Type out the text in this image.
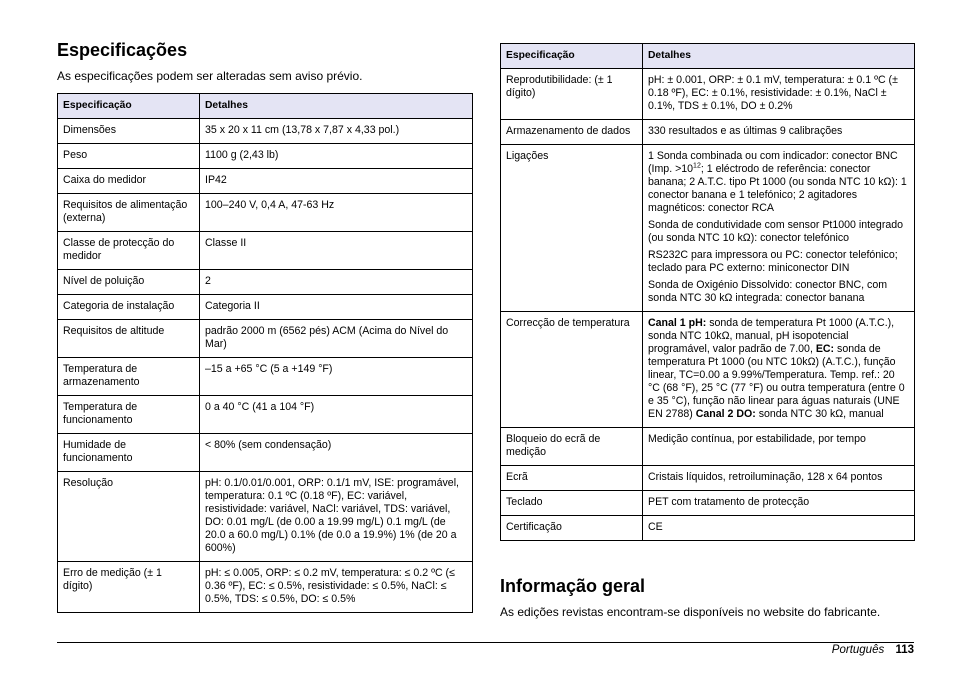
Especificações

As especificações podem ser alteradas sem aviso prévio.

Especificação	Detalhes
Dimensões	35 x 20 x 11 cm (13,78 x 7,87 x 4,33 pol.)
Peso	1100 g (2,43 lb)
Caixa do medidor	IP42
Requisitos de alimentação (externa)	100–240 V, 0,4 A, 47-63 Hz
Classe de protecção do medidor	Classe II
Nível de poluição	2
Categoria de instalação	Categoria II
Requisitos de altitude	padrão 2000 m (6562 pés) ACM (Acima do Nível do Mar)
Temperatura de armazenamento	–15 a +65 °C (5 a +149 °F)
Temperatura de funcionamento	0 a 40 °C (41 a 104 °F)
Humidade de funcionamento	< 80% (sem condensação)
Resolução	pH: 0.1/0.01/0.001, ORP: 0.1/1 mV, ISE: programável, temperatura: 0.1 ºC (0.18 ºF), EC: variável, resistividade: variável, NaCl: variável, TDS: variável, DO: 0.01 mg/L (de 0.00 a 19.99 mg/L) 0.1 mg/L (de 20.0 a 60.0 mg/L) 0.1% (de 0.0 a 19.9%) 1% (de 20 a 600%)
Erro de medição (± 1 dígito)	pH: ≤ 0.005, ORP: ≤ 0.2 mV, temperatura: ≤ 0.2 ºC (≤ 0.36 ºF), EC: ≤ 0.5%, resistividade: ≤ 0.5%, NaCl: ≤ 0.5%, TDS: ≤ 0.5%, DO: ≤ 0.5%
Especificação	Detalhes
Reprodutibilidade: (± 1 dígito)	pH: ± 0.001, ORP: ± 0.1 mV, temperatura: ± 0.1 ºC (± 0.18 ºF), EC: ± 0.1%, resistividade: ± 0.1%, NaCl ± 0.1%, TDS ± 0.1%, DO ± 0.2%
Armazenamento de dados	330 resultados e as últimas 9 calibrações
Ligações	1 Sonda combinada ou com indicador: conector BNC (Imp. $>10^{12}$; 1 eléctrodo de referência: conector banana; 2 A.T.C. tipo Pt 1000 (ou sonda NTC 10 kΩ): 1 conector banana e 1 telefónico; 2 agitadores magnéticos: conector RCA
Sonda de condutividade com sensor Pt1000 integrado (ou sonda NTC 10 kΩ): conector telefónico
RS232C para impressora ou PC: conector telefónico; teclado para PC externo: miniconector DIN
Sonda de Oxigénio Dissolvido: conector BNC, com sonda NTC 30 kΩ integrada: conector banana

Correcção de temperatura	Canal 1 pH: sonda de temperatura Pt 1000 (A.T.C.), sonda NTC 10kΩ, manual, pH isopotencial programável, valor padrão de 7.00, EC: sonda de temperatura Pt 1000 (ou NTC 10kΩ) (A.T.C.), função linear, TC=0.00 a 9.99%/Temperatura. Temp. ref.: 20 °C (68 °F), 25 °C (77 °F) ou outra temperatura (entre 0 e 35 °C), função não linear para águas naturais (UNE EN 2788) Canal 2 DO: sonda NTC 30 kΩ, manual
Bloqueio do ecrã de medição	Medição contínua, por estabilidade, por tempo
Ecrã	Cristais líquidos, retroiluminação, 128 x 64 pontos
Teclado	PET com tratamento de protecção
Certificação	CE
Informação geral

As edições revistas encontram-se disponíveis no website do fabricante.

Português 113
